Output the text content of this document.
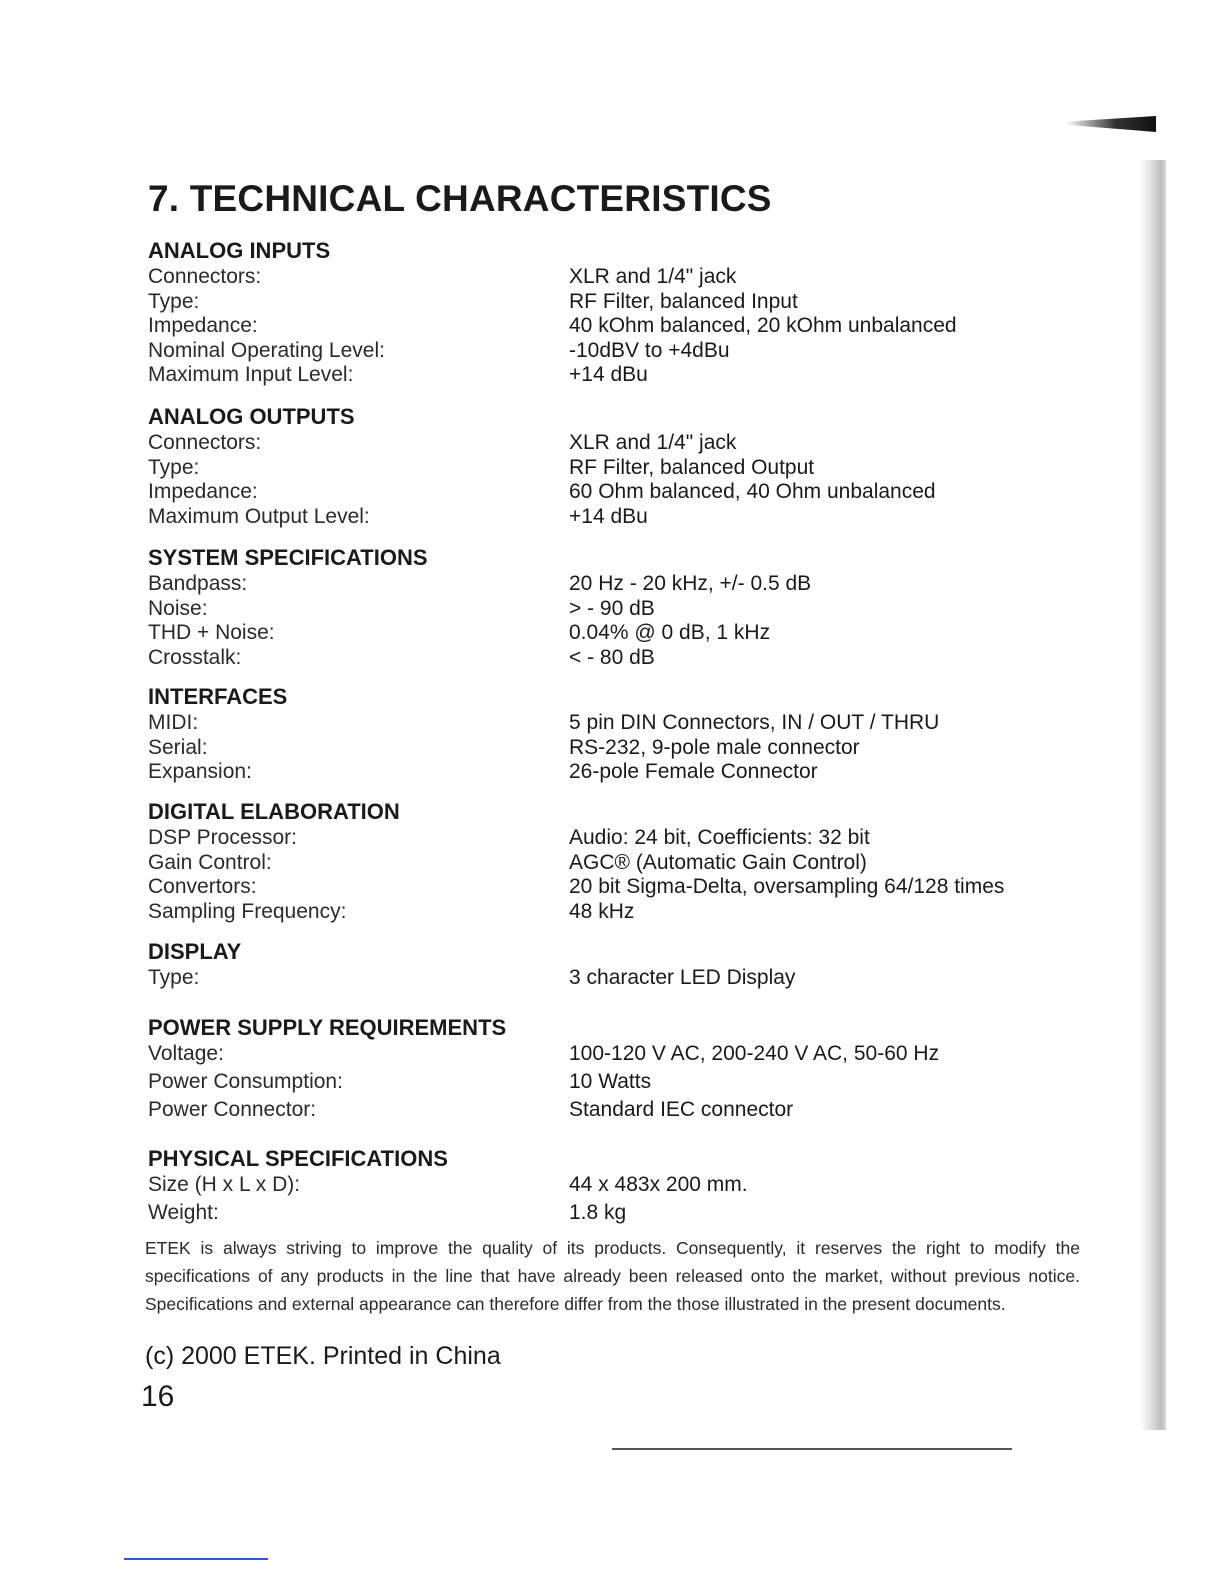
7. TECHNICAL CHARACTERISTICS
ANALOG INPUTS
Connectors:	XLR and 1/4" jack
Type:	RF Filter, balanced Input
Impedance:	40 kOhm balanced, 20 kOhm unbalanced
Nominal Operating Level:	-10dBV to +4dBu
Maximum Input Level:	+14 dBu
ANALOG OUTPUTS
Connectors:	XLR and 1/4" jack
Type:	RF Filter, balanced Output
Impedance:	60 Ohm balanced, 40 Ohm unbalanced
Maximum Output Level:	+14 dBu
SYSTEM SPECIFICATIONS
Bandpass:	20 Hz - 20 kHz, +/- 0.5 dB
Noise:	> - 90 dB
THD + Noise:	0.04% @ 0 dB, 1 kHz
Crosstalk:	< - 80 dB
INTERFACES
MIDI:	5 pin DIN Connectors, IN / OUT / THRU
Serial:	RS-232, 9-pole male connector
Expansion:	26-pole Female Connector
DIGITAL ELABORATION
DSP Processor:	Audio: 24 bit, Coefficients: 32 bit
Gain Control:	AGC® (Automatic Gain Control)
Convertors:	20 bit Sigma-Delta, oversampling 64/128 times
Sampling Frequency:	48 kHz
DISPLAY
Type:	3 character LED Display
POWER SUPPLY REQUIREMENTS
Voltage:	100-120 V AC, 200-240 V AC, 50-60 Hz
Power Consumption:	10 Watts
Power Connector:	Standard IEC connector
PHYSICAL SPECIFICATIONS
Size (H x L x D):	44 x 483x 200 mm.
Weight:	1.8 kg

ETEK is always striving to improve the quality of its products. Consequently, it reserves the right to modify the specifications of any products in the line that have already been released onto the market, without previous notice. Specifications and external appearance can therefore differ from the those illustrated in the present documents.

(c) 2000 ETEK. Printed in China
16
